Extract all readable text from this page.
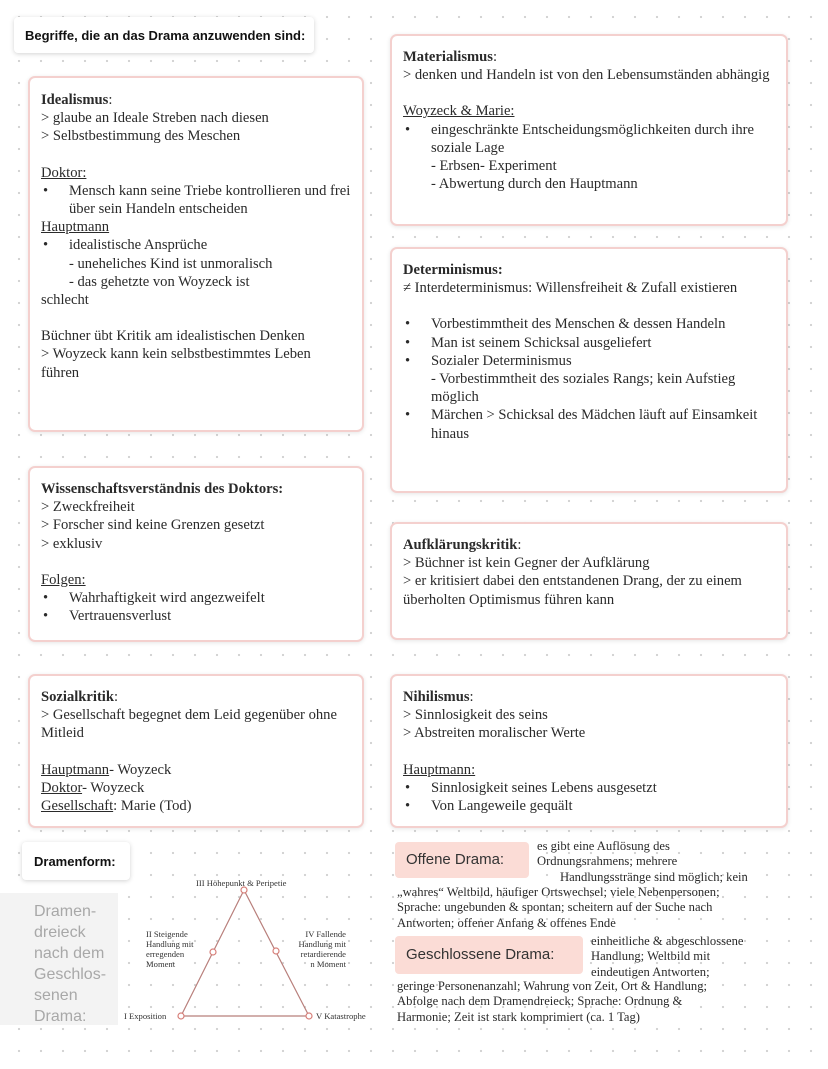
Begriffe, die an das Drama anzuwenden sind:

Idealismus:

> glaube an Ideale Streben nach diesen

> Selbstbestimmung des Meschen

Doktor:

• Mensch kann seine Triebe kontrollieren und frei über sein Handeln entscheiden

Hauptmann

• idealistische Ansprüche

- uneheliches Kind ist unmoralisch

- das gehetzte von Woyzeck ist

schlecht

Büchner übt Kritik am idealistischen Denken

> Woyzeck kann kein selbstbestimmtes Leben führen

Materialismus:

> denken und Handeln ist von den Lebensumständen abhängig

Woyzeck & Marie:

• eingeschränkte Entscheidungsmöglichkeiten durch ihre soziale Lage

- Erbsen- Experiment

- Abwertung durch den Hauptmann

Determinismus:

≠ Interdeterminismus: Willensfreiheit & Zufall existieren

• Vorbestimmtheit des Menschen & dessen Handeln
• Man ist seinem Schicksal ausgeliefert
• Sozialer Determinismus

- Vorbestimmtheit des soziales Rangs; kein Aufstieg möglich

• Märchen > Schicksal des Mädchen läuft auf Einsamkeit hinaus

Wissenschaftsverständnis des Doktors:

> Zweckfreiheit

> Forscher sind keine Grenzen gesetzt

> exklusiv

Folgen:

• Wahrhaftigkeit wird angezweifelt
• Vertrauensverlust

Aufklärungskritik:

> Büchner ist kein Gegner der Aufklärung

> er kritisiert dabei den entstandenen Drang, der zu einem überholten Optimismus führen kann

Sozialkritik:

> Gesellschaft begegnet dem Leid gegenüber ohne Mitleid

Hauptmann- Woyzeck

Doktor- Woyzeck

Gesellschaft: Marie (Tod)

Nihilismus:

> Sinnlosigkeit des seins

> Abstreiten moralischer Werte

Hauptmann:

• Sinnlosigkeit seines Lebens ausgesetzt
• Von Langeweile gequält
Dramenform:
Dramen-
dreieck
nach dem
Geschlos-
senen
Drama:
III Höhepunkt & Peripetie
II Steigende
Handlung mit
erregenden
Moment
IV Fallende
Handlung mit
retardierende
n Moment
I Exposition	V Katastrophe
Offene Drama:
es gibt eine Auflösung des
Ordnungsrahmens; mehrere
Handlungsstränge sind möglich; kein
„wahres“ Weltbild, häufiger Ortswechsel; viele Nebenpersonen;
Sprache: ungebunden & spontan; scheitern auf der Suche nach
Antworten; offener Anfang & offenes Ende
Geschlossene Drama:
einheitliche & abgeschlossene
Handlung; Weltbild mit
eindeutigen Antworten;
geringe Personenanzahl; Wahrung von Zeit, Ort & Handlung;
Abfolge nach dem Dramendreieck; Sprache: Ordnung &
Harmonie; Zeit ist stark komprimiert (ca. 1 Tag)
